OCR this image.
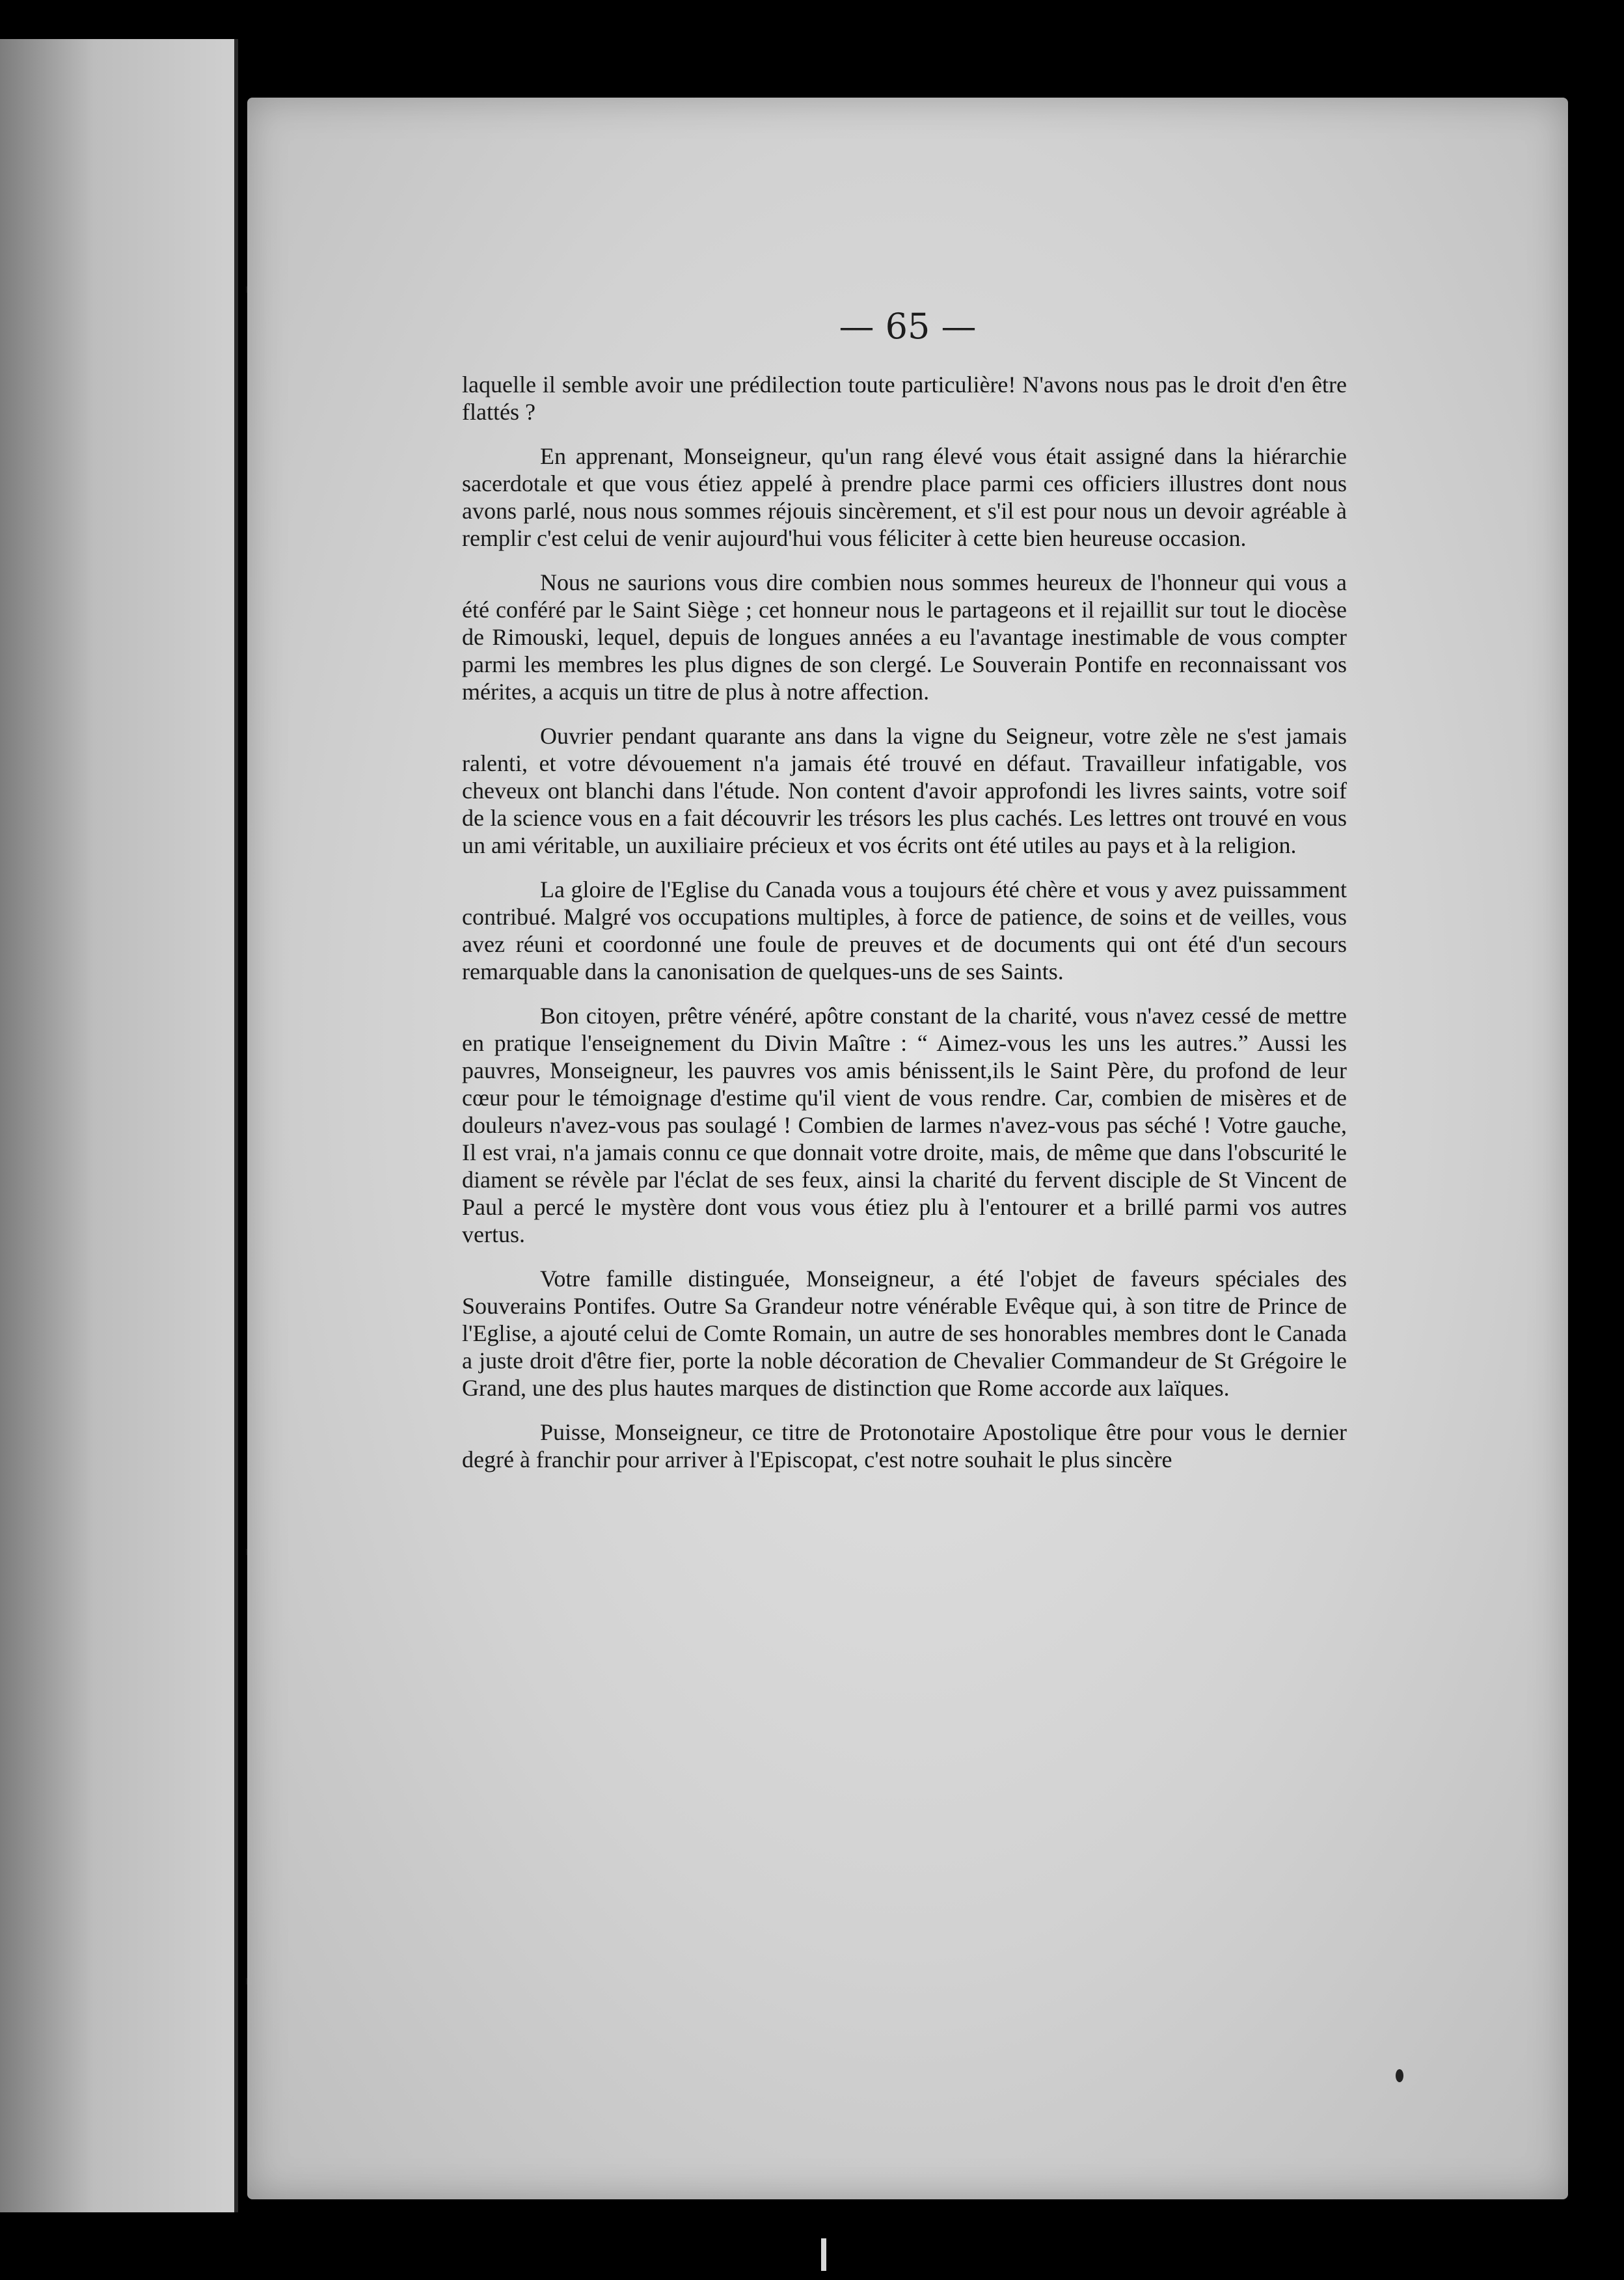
— 65 —

laquelle il semble avoir une prédilection toute particulière! N'avons nous pas le droit d'en être flattés ?

En apprenant, Monseigneur, qu'un rang élevé vous était assigné dans la hiérarchie sacerdotale et que vous étiez appelé à prendre place parmi ces officiers illustres dont nous avons parlé, nous nous sommes réjouis sincèrement, et s'il est pour nous un devoir agréable à remplir c'est celui de venir aujourd'hui vous féliciter à cette bien heureuse occasion.

Nous ne saurions vous dire combien nous sommes heureux de l'honneur qui vous a été conféré par le Saint Siège ; cet honneur nous le partageons et il rejaillit sur tout le diocèse de Rimouski, lequel, depuis de longues années a eu l'avantage inestimable de vous compter parmi les membres les plus dignes de son clergé. Le Souverain Pontife en reconnaissant vos mérites, a acquis un titre de plus à notre affection.

Ouvrier pendant quarante ans dans la vigne du Seigneur, votre zèle ne s'est jamais ralenti, et votre dévouement n'a jamais été trouvé en défaut. Travailleur infatigable, vos cheveux ont blanchi dans l'étude. Non content d'avoir approfondi les livres saints, votre soif de la science vous en a fait découvrir les trésors les plus cachés. Les lettres ont trouvé en vous un ami véritable, un auxiliaire précieux et vos écrits ont été utiles au pays et à la religion.

La gloire de l'Eglise du Canada vous a toujours été chère et vous y avez puissamment contribué. Malgré vos occupations multiples, à force de patience, de soins et de veilles, vous avez réuni et coordonné une foule de preuves et de documents qui ont été d'un secours remarquable dans la canonisation de quelques-uns de ses Saints.

Bon citoyen, prêtre vénéré, apôtre constant de la charité, vous n'avez cessé de mettre en pratique l'enseignement du Divin Maître : “ Aimez-vous les uns les autres.” Aussi les pauvres, Monseigneur, les pauvres vos amis bénissent,ils le Saint Père, du profond de leur cœur pour le témoignage d'estime qu'il vient de vous rendre. Car, combien de misères et de douleurs n'avez-vous pas soulagé ! Combien de larmes n'avez-vous pas séché ! Votre gauche, Il est vrai, n'a jamais connu ce que donnait votre droite, mais, de même que dans l'obscurité le diament se révèle par l'éclat de ses feux, ainsi la charité du fervent disciple de St Vincent de Paul a percé le mystère dont vous vous étiez plu à l'entourer et a brillé parmi vos autres vertus.

Votre famille distinguée, Monseigneur, a été l'objet de faveurs spéciales des Souverains Pontifes. Outre Sa Grandeur notre vénérable Evêque qui, à son titre de Prince de l'Eglise, a ajouté celui de Comte Romain, un autre de ses honorables membres dont le Canada a juste droit d'être fier, porte la noble décoration de Chevalier Commandeur de St Grégoire le Grand, une des plus hautes marques de distinction que Rome accorde aux laïques.

Puisse, Monseigneur, ce titre de Protonotaire Apostolique être pour vous le dernier degré à franchir pour arriver à l'Episcopat, c'est notre souhait le plus sincère
